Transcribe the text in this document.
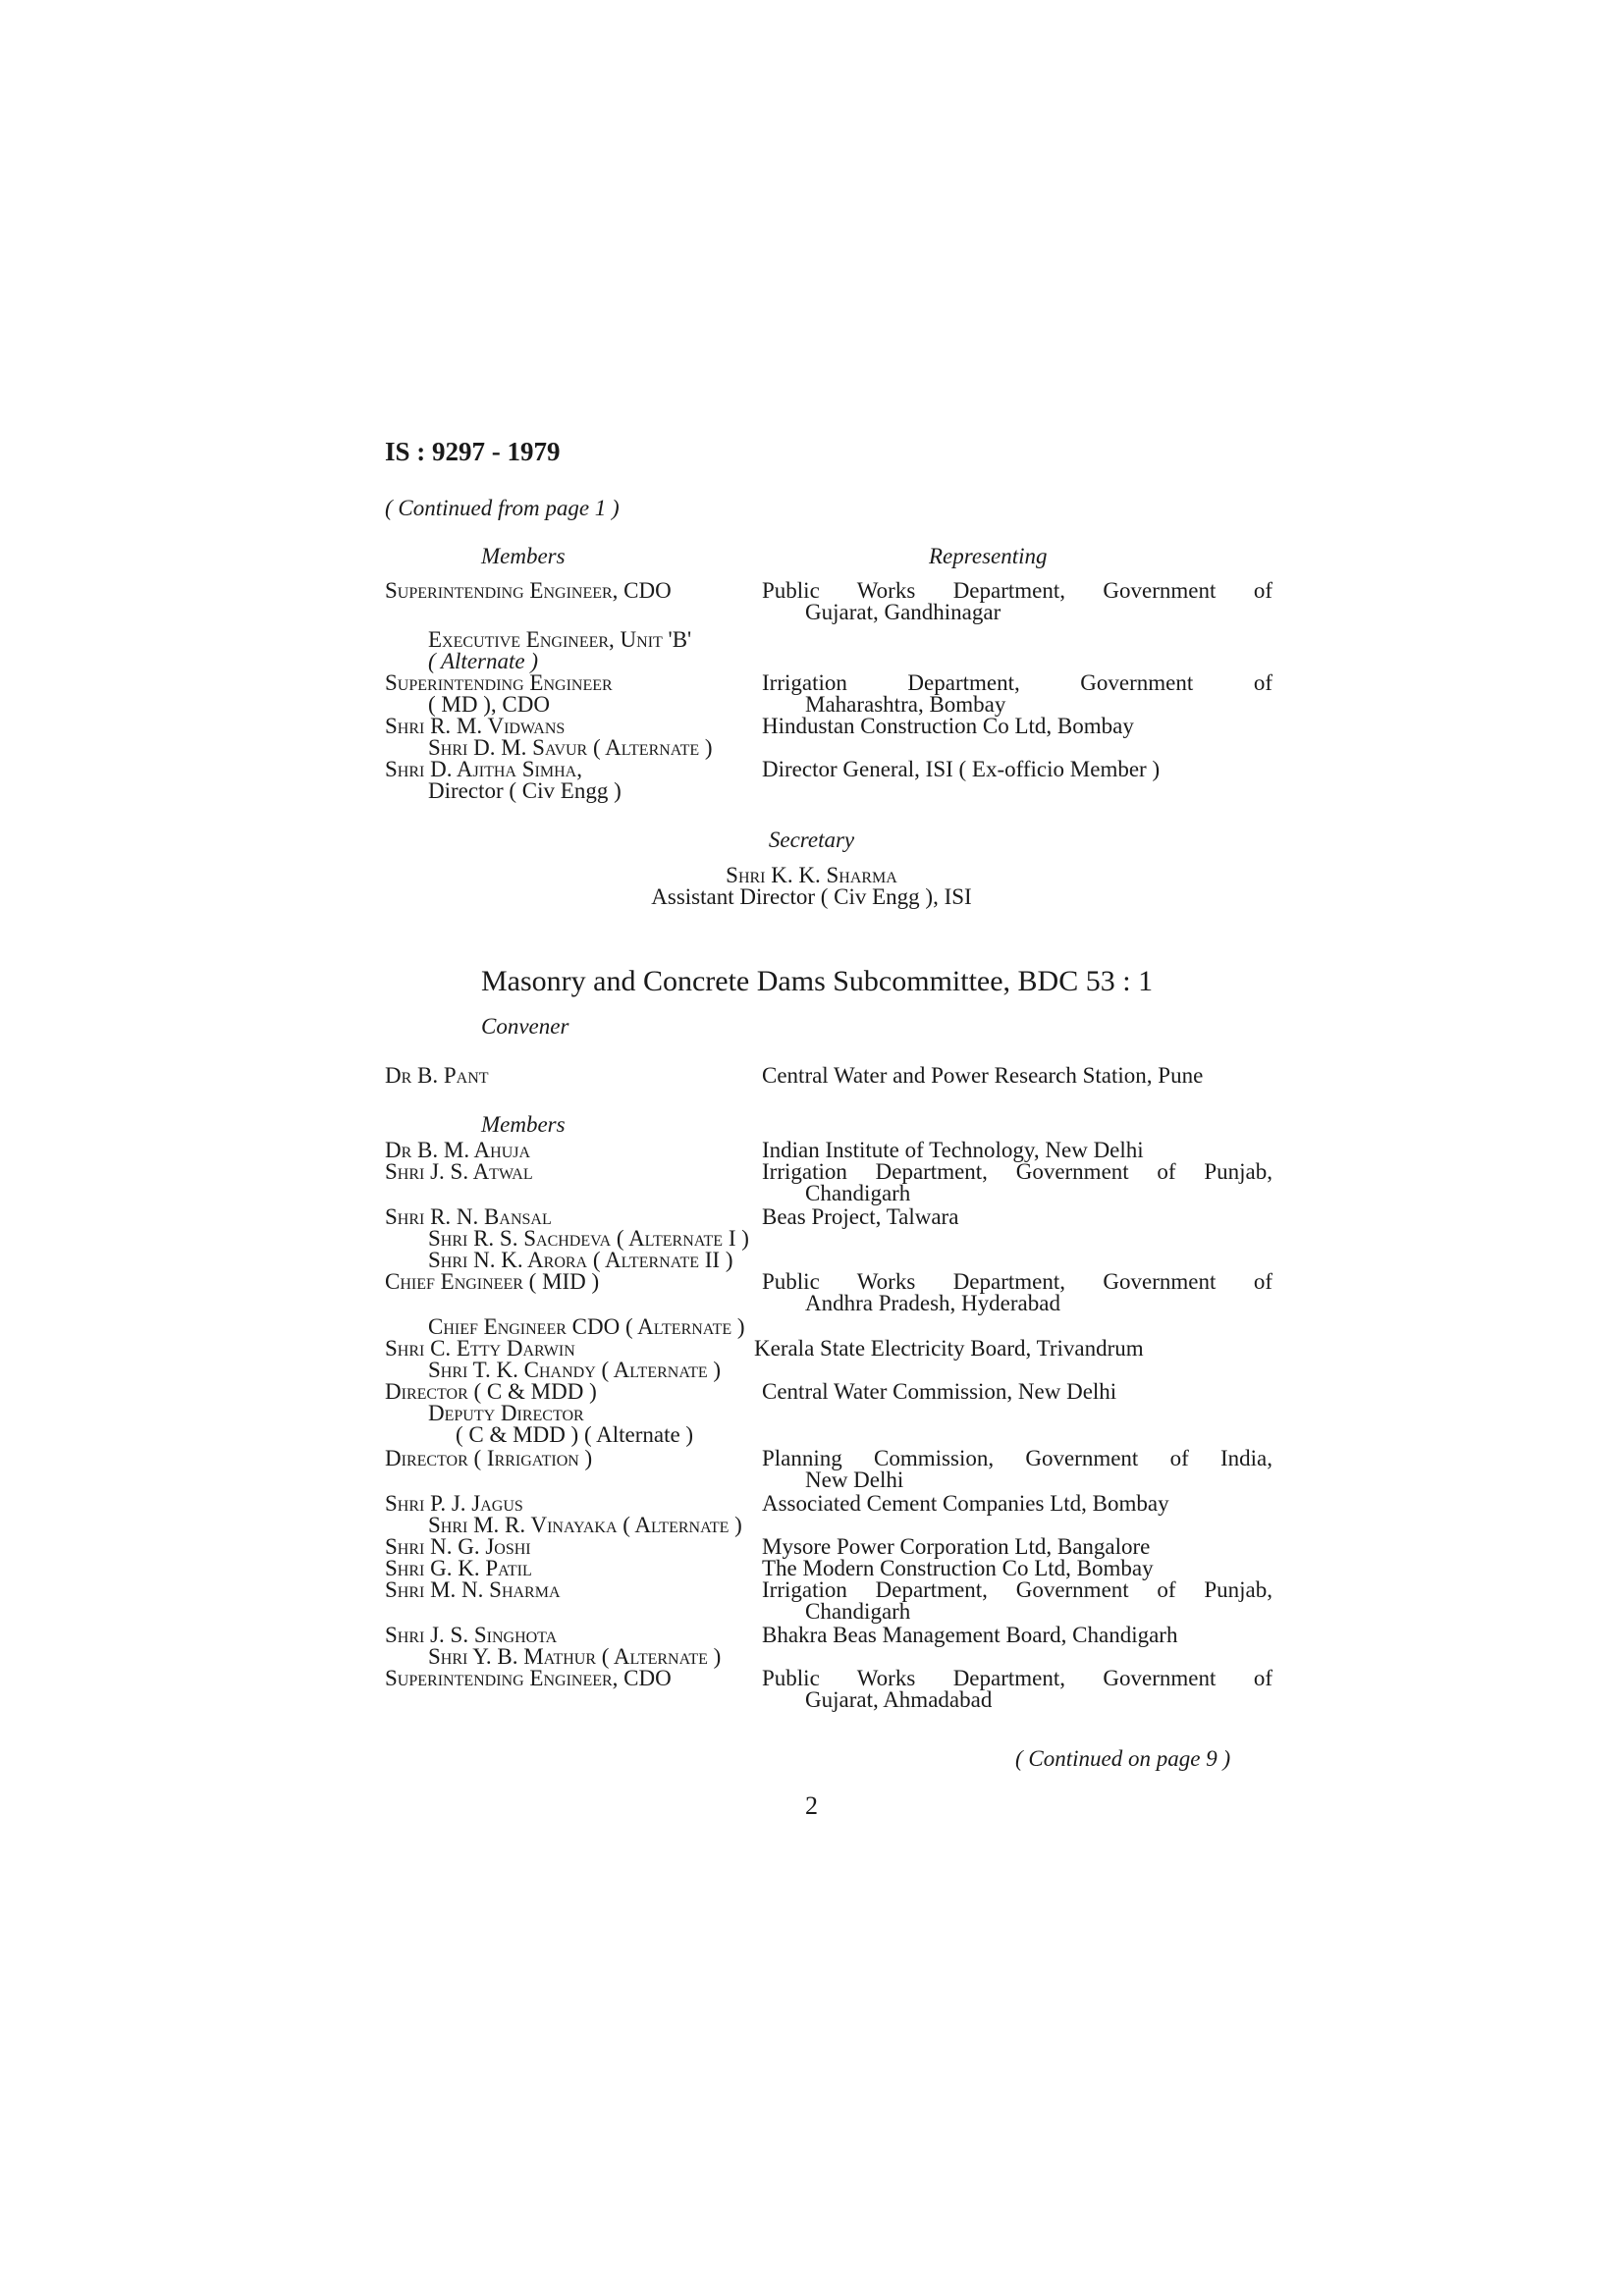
IS : 9297 - 1979
( Continued from page 1 )
Members	Representing
Superintending Engineer, CDO	Public Works Department, Government of
Gujarat, Gandhinagar
Executive Engineer, Unit 'B'
( Alternate )
Superintending Engineer	Irrigation Department, Government of
( MD ), CDO	Maharashtra, Bombay
Shri R. M. Vidwans	Hindustan Construction Co Ltd, Bombay
Shri D. M. Savur ( Alternate )
Shri D. Ajitha Simha,	Director General, ISI ( Ex-officio Member )
Director ( Civ Engg )
Secretary
Shri K. K. Sharma
Assistant Director ( Civ Engg ), ISI
Masonry and Concrete Dams Subcommittee, BDC 53 : 1
Convener
Dr B. Pant	Central Water and Power Research Station, Pune
Members
Dr B. M. Ahuja	Indian Institute of Technology, New Delhi
Shri J. S. Atwal	Irrigation Department, Government of Punjab,
Chandigarh
Shri R. N. Bansal	Beas Project, Talwara
Shri R. S. Sachdeva ( Alternate I )
Shri N. K. Arora ( Alternate II )
Chief Engineer ( MID )	Public Works Department, Government of
Andhra Pradesh, Hyderabad
Chief Engineer CDO ( Alternate )
Shri C. Etty Darwin	Kerala State Electricity Board, Trivandrum
Shri T. K. Chandy ( Alternate )
Director ( C & MDD )	Central Water Commission, New Delhi
Deputy Director
( C & MDD ) ( Alternate )
Director ( Irrigation )	Planning Commission, Government of India,
New Delhi
Shri P. J. Jagus	Associated Cement Companies Ltd, Bombay
Shri M. R. Vinayaka ( Alternate )
Shri N. G. Joshi	Mysore Power Corporation Ltd, Bangalore
Shri G. K. Patil	The Modern Construction Co Ltd, Bombay
Shri M. N. Sharma	Irrigation Department, Government of Punjab,
Chandigarh
Shri J. S. Singhota	Bhakra Beas Management Board, Chandigarh
Shri Y. B. Mathur ( Alternate )
Superintending Engineer, CDO	Public Works Department, Government of
Gujarat, Ahmadabad
( Continued on page 9 )
2
